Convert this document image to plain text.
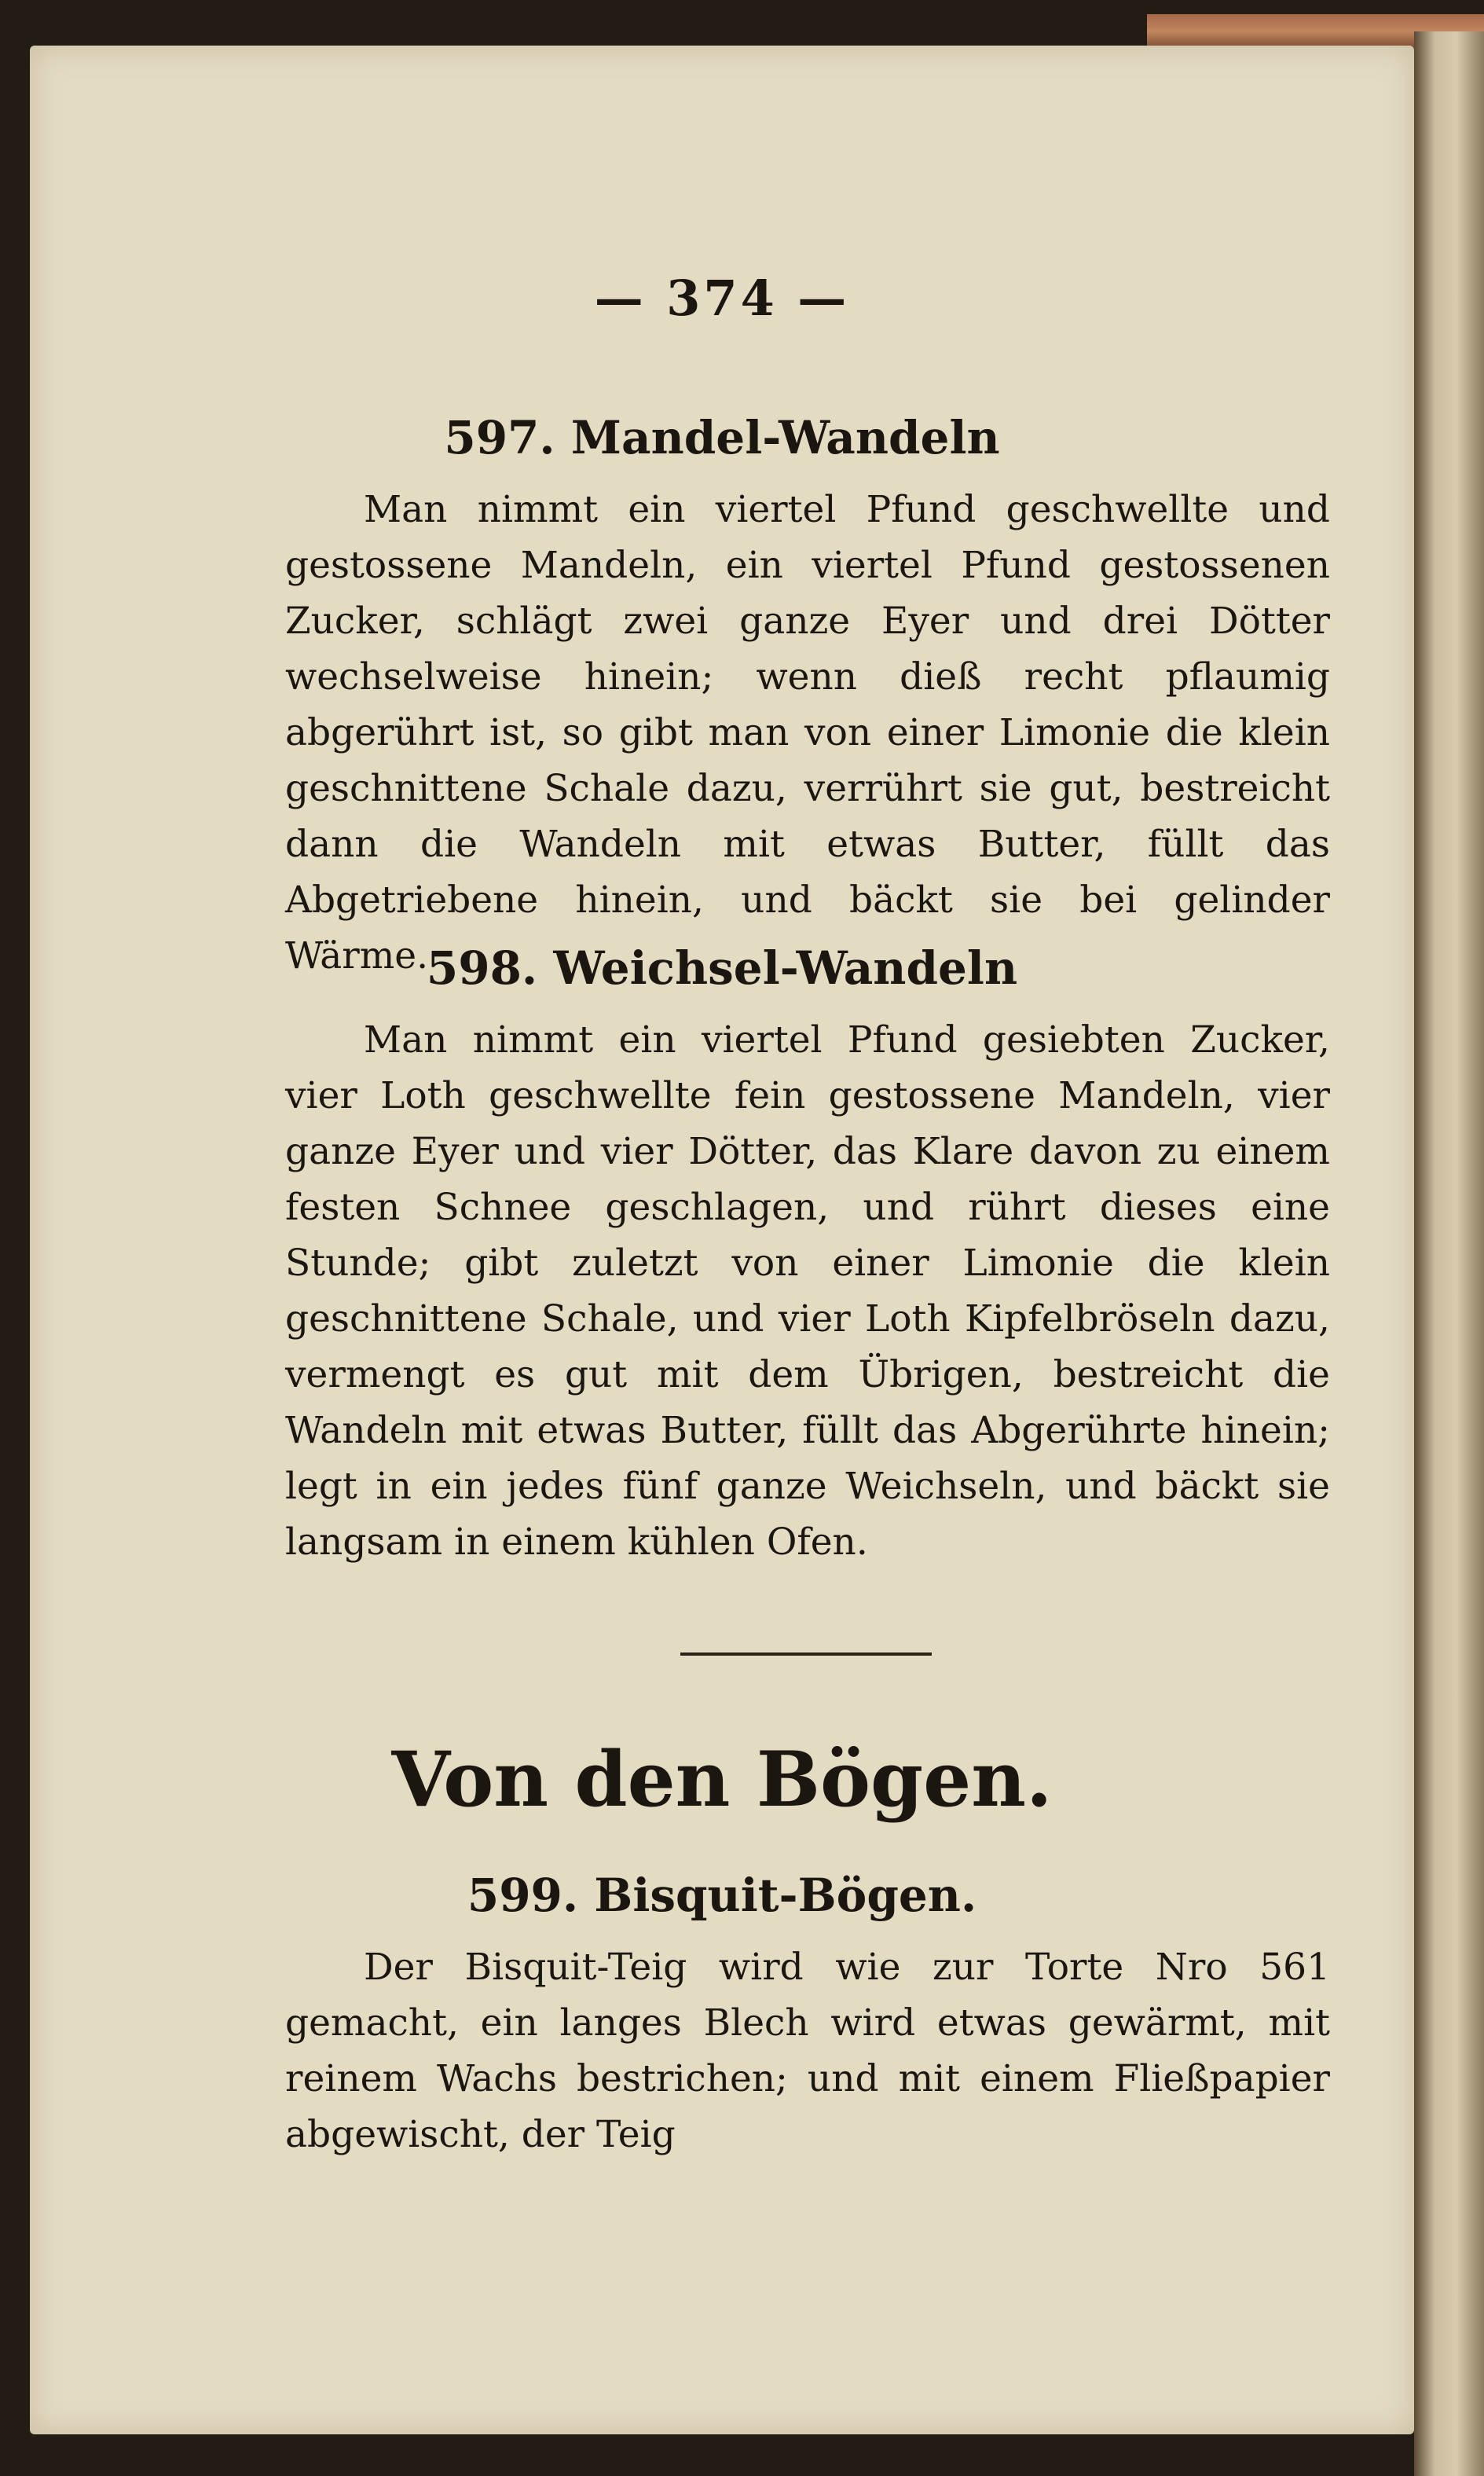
— 374 —
597. Mandel-Wandeln
Man nimmt ein viertel Pfund geschwellte und gestossene Mandeln, ein viertel Pfund gestossenen Zucker, schlägt zwei ganze Eyer und drei Dötter wechselweise hinein; wenn dieß recht pflaumig abgerührt ist, so gibt man von einer Limonie die klein geschnittene Schale dazu, verrührt sie gut, bestreicht dann die Wandeln mit etwas Butter, füllt das Abgetriebene hinein, und bäckt sie bei gelinder Wärme.
598. Weichsel-Wandeln
Man nimmt ein viertel Pfund gesiebten Zucker, vier Loth geschwellte fein gestossene Mandeln, vier ganze Eyer und vier Dötter, das Klare davon zu einem festen Schnee geschlagen, und rührt dieses eine Stunde; gibt zuletzt von einer Limonie die klein geschnittene Schale, und vier Loth Kipfelbröseln dazu, vermengt es gut mit dem Übrigen, bestreicht die Wandeln mit etwas Butter, füllt das Abgerührte hinein; legt in ein jedes fünf ganze Weichseln, und bäckt sie langsam in einem kühlen Ofen.
Von den Bögen.
599. Bisquit-Bögen.
Der Bisquit-Teig wird wie zur Torte Nro 561 gemacht, ein langes Blech wird etwas gewärmt, mit reinem Wachs bestrichen; und mit einem Fließpapier abgewischt, der Teig
